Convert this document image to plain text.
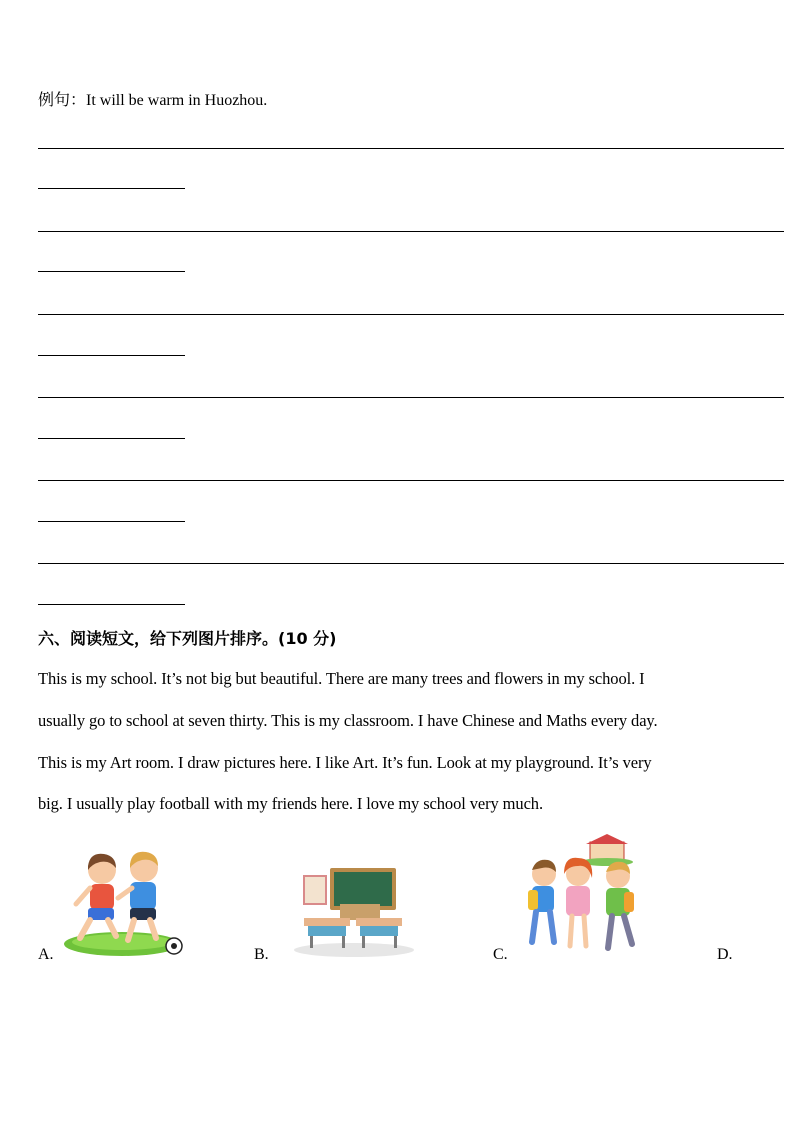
例句：It will be warm in Huozhou.
六、阅读短文，给下列图片排序。(10 分)
This is my school. It’s not big but beautiful. There are many trees and flowers in my school. I
usually go to school at seven thirty. This is my classroom. I have Chinese and Maths every day.
This is my Art room. I draw pictures here. I like Art. It’s fun. Look at my playground. It’s very
big. I usually play football with my friends here. I love my school very much.
A.	B.	C.	D.
